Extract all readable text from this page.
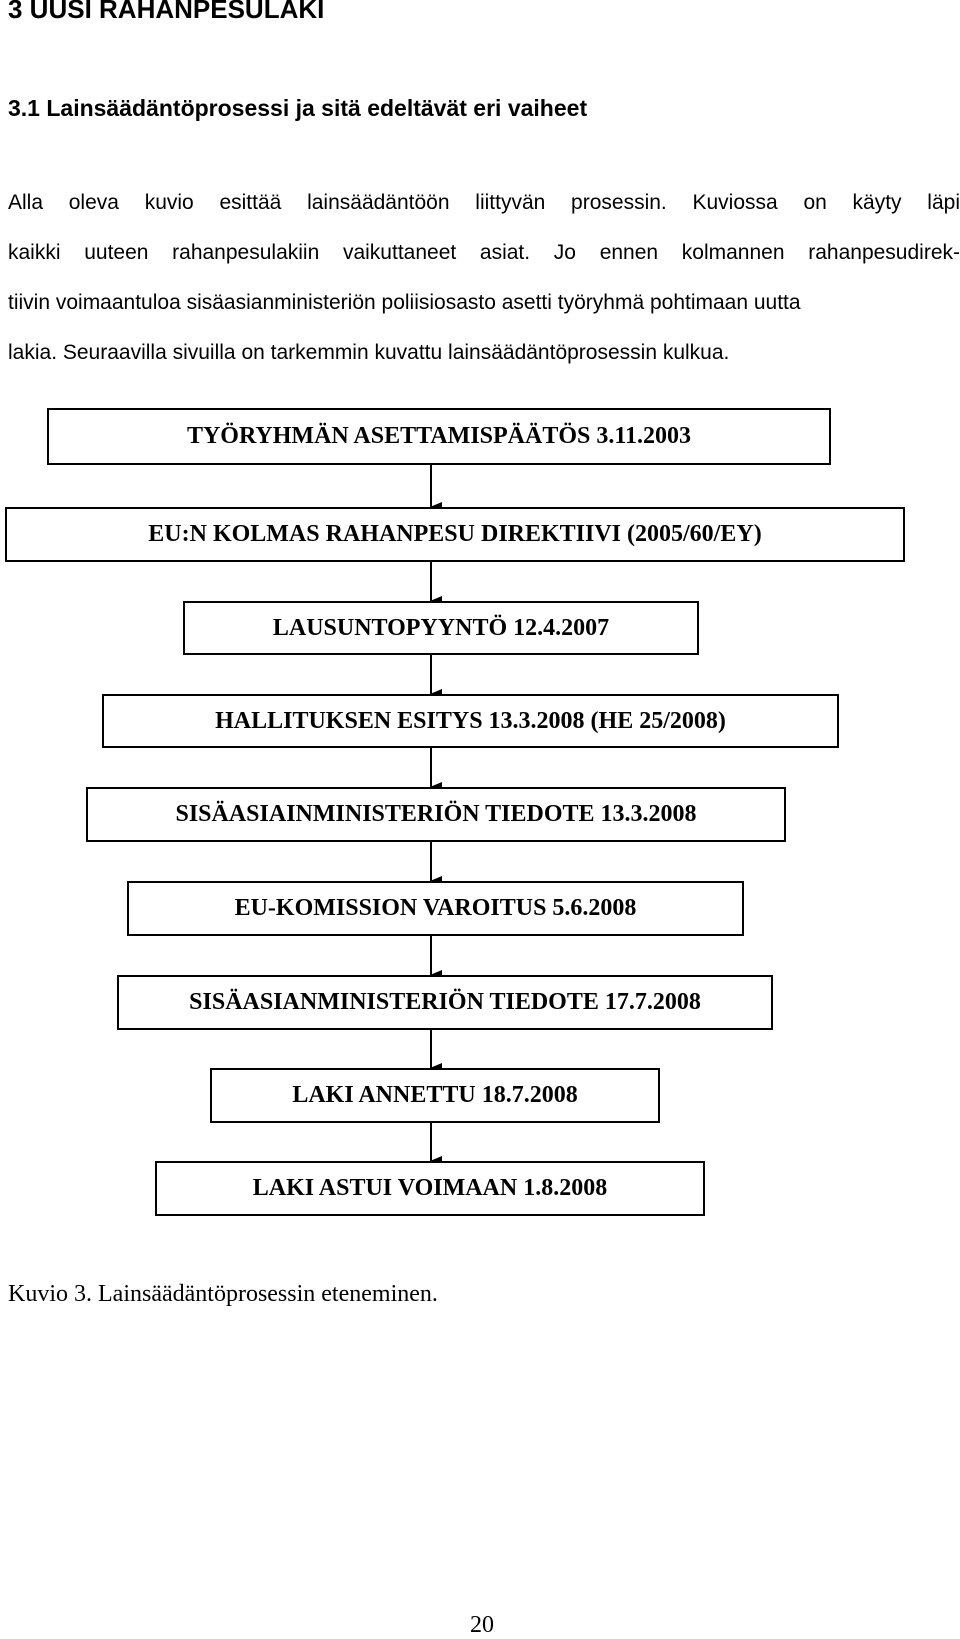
3 UUSI RAHANPESULAKI
3.1 Lainsäädäntöprosessi ja sitä edeltävät eri vaiheet
Alla oleva kuvio esittää lainsäädäntöön liittyvän prosessin. Kuviossa on käyty läpi
kaikki uuteen rahanpesulakiin vaikuttaneet asiat. Jo ennen kolmannen rahanpesudirek-
tiivin voimaantuloa sisäasianministeriön poliisiosasto asetti työryhmä pohtimaan uutta
lakia. Seuraavilla sivuilla on tarkemmin kuvattu lainsäädäntöprosessin kulkua.
TYÖRYHMÄN ASETTAMISPÄÄTÖS 3.11.2003
EU:N KOLMAS RAHANPESU DIREKTIIVI (2005/60/EY)
LAUSUNTOPYYNTÖ 12.4.2007
HALLITUKSEN ESITYS 13.3.2008 (HE 25/2008)
SISÄASIAINMINISTERIÖN TIEDOTE 13.3.2008
EU-KOMISSION VAROITUS 5.6.2008
SISÄASIANMINISTERIÖN TIEDOTE 17.7.2008
LAKI ANNETTU 18.7.2008
LAKI ASTUI VOIMAAN 1.8.2008
Kuvio 3. Lainsäädäntöprosessin eteneminen.
20
